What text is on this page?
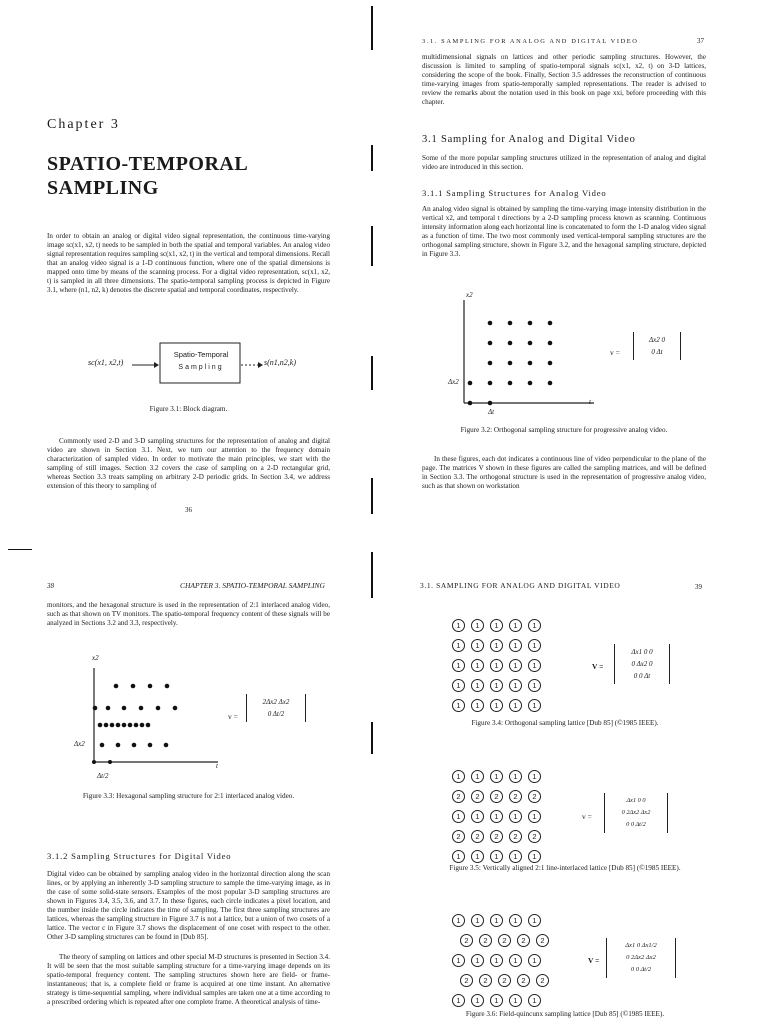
Chapter 3
SPATIO-TEMPORAL
SAMPLING
In order to obtain an analog or digital video signal representation, the continuous time-varying image sc(x1, x2, t) needs to be sampled in both the spatial and temporal variables. An analog video signal representation requires sampling sc(x1, x2, t) in the vertical and temporal dimensions. Recall that an analog video signal is a 1-D continuous function, where one of the spatial dimensions is mapped onto time by means of the scanning process. For a digital video representation, sc(x1, x2, t) is sampled in all three dimensions. The spatio-temporal sampling process is depicted in Figure 3.1, where (n1, n2, k) denotes the discrete spatial and temporal coordinates, respectively.
sc(x1, x2,t)
Spatio-Temporal
Sampling
s(n1,n2,k)
Figure 3.1: Block diagram.
Commonly used 2-D and 3-D sampling structures for the representation of analog and digital video are shown in Section 3.1. Next, we turn our attention to the frequency domain characterization of sampled video. In order to motivate the main principles, we start with the sampling of still images. Section 3.2 covers the case of sampling on a 2-D rectangular grid, whereas Section 3.3 treats sampling on arbitrary 2-D periodic grids. In Section 3.4, we address extension of this theory to sampling of
36
3.1. SAMPLING FOR ANALOG AND DIGITAL VIDEO	37
multidimensional signals on lattices and other periodic sampling structures. However, the discussion is limited to sampling of spatio-temporal signals sc(x1, x2, t) on 3-D lattices, considering the scope of the book. Finally, Section 3.5 addresses the reconstruction of continuous time-varying images from spatio-temporally sampled representations. The reader is advised to review the remarks about the notation used in this book on page xxi, before proceeding with this chapter.
3.1 Sampling for Analog and Digital Video
Some of the more popular sampling structures utilized in the representation of analog and digital video are introduced in this section.
3.1.1 Sampling Structures for Analog Video
An analog video signal is obtained by sampling the time-varying image intensity distribution in the vertical x2, and temporal t directions by a 2-D sampling process known as scanning. Continuous intensity information along each horizontal line is concatenated to form the 1-D analog video signal as a function of time. The two most commonly used vertical-temporal sampling structures are the orthogonal sampling structure, shown in Figure 3.2, and the hexagonal sampling structure, depicted in Figure 3.3.
x2
t
Δx2
Δt
v =
Δx2 0
0 Δt
Figure 3.2: Orthogonal sampling structure for progressive analog video.
In these figures, each dot indicates a continuous line of video perpendicular to the plane of the page. The matrices V shown in these figures are called the sampling matrices, and will be defined in Section 3.3. The orthogonal structure is used in the representation of progressive analog video, such as that shown on workstation
38	CHAPTER 3. SPATIO-TEMPORAL SAMPLING
monitors, and the hexagonal structure is used in the representation of 2:1 interlaced analog video, such as that shown on TV monitors. The spatio-temporal frequency content of these signals will be analyzed in Sections 3.2 and 3.3, respectively.
x2
t
Δx2
Δt/2
v =
2Δx2 Δx2
0 Δt/2
Figure 3.3: Hexagonal sampling structure for 2:1 interlaced analog video.
3.1.2 Sampling Structures for Digital Video
Digital video can be obtained by sampling analog video in the horizontal direction along the scan lines, or by applying an inherently 3-D sampling structure to sample the time-varying image, as in the case of some solid-state sensors. Examples of the most popular 3-D sampling structures are shown in Figures 3.4, 3.5, 3.6, and 3.7. In these figures, each circle indicates a pixel location, and the number inside the circle indicates the time of sampling. The first three sampling structures are lattices, whereas the sampling structure in Figure 3.7 is not a lattice, but a union of two cosets of a lattice. The vector c in Figure 3.7 shows the displacement of one coset with respect to the other. Other 3-D sampling structures can be found in [Dub 85].
The theory of sampling on lattices and other special M-D structures is presented in Section 3.4. It will be seen that the most suitable sampling structure for a time-varying image depends on its spatio-temporal frequency content. The sampling structures shown here are field- or frame-instantaneous; that is, a complete field or frame is acquired at one time instant. An alternative strategy is time-sequential sampling, where individual samples are taken one at a time according to a prescribed ordering which is repeated after one complete frame. A theoretical analysis of time-
3.1. SAMPLING FOR ANALOG AND DIGITAL VIDEO	39
1 1 1 1 1
1 1 1 1 1
1 1 1 1 1
1 1 1 1 1
1 1 1 1 1
V =
Δx1 0 0
0 Δx2 0
0 0 Δt
Figure 3.4: Orthogonal sampling lattice [Dub 85] (©1985 IEEE).
1 1 1 1 1
2 2 2 2 2
1 1 1 1 1
2 2 2 2 2
1 1 1 1 1
v =
Δx1 0 0
0 2Δx2 Δx2
0 0 Δt/2
Figure 3.5: Vertically aligned 2:1 line-interlaced lattice [Dub 85] (©1985 IEEE).
1 1 1 1 1
2 2 2 2 2
1 1 1 1 1
2 2 2 2 2
1 1 1 1 1
V =
Δx1 0 Δx1/2
0 2Δx2 Δx2
0 0 Δt/2
Figure 3.6: Field-quincunx sampling lattice [Dub 85] (©1985 IEEE).
